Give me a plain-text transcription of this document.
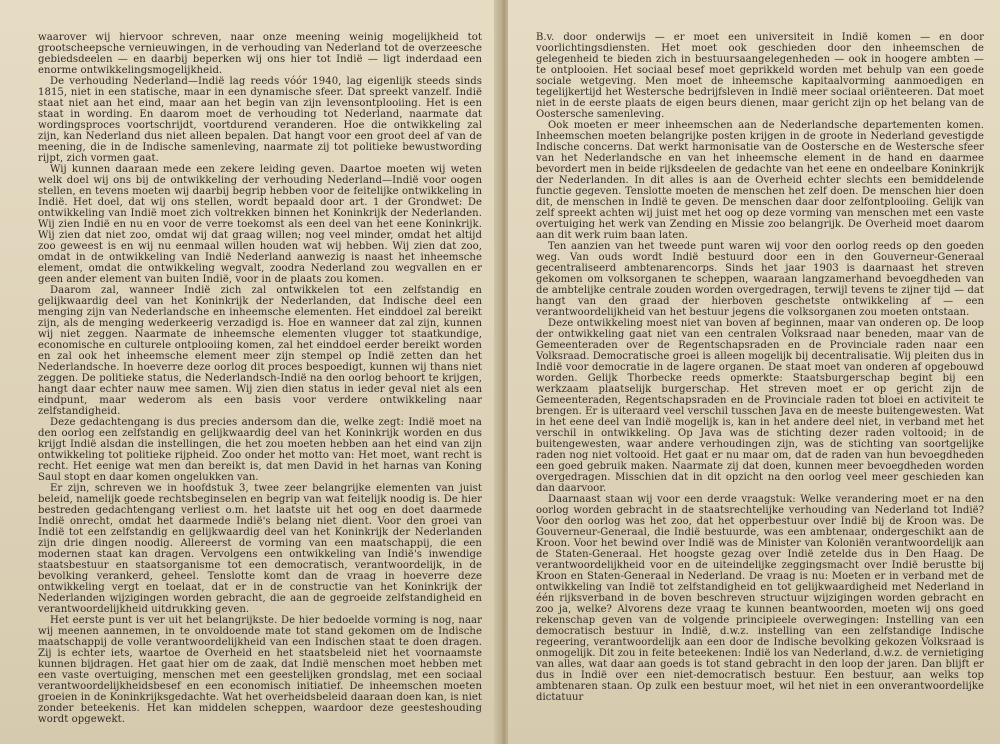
waarover wij hiervoor schreven, naar onze meening weinig mogelijkheid tot grootscheepsche vernieuwingen, in de verhouding van Nederland tot de overzeesche gebiedsdeelen — en daarbij beperken wij ons hier tot Indië — ligt inderdaad een enorme ontwikkelingsmogelijkheid.

De verhouding Nederland—Indië lag reeds vóór 1940, lag eigenlijk steeds sinds 1815, niet in een statische, maar in een dynamische sfeer. Dat spreekt vanzelf. Indië staat niet aan het eind, maar aan het begin van zijn levensontplooiing. Het is een staat in wording. En daarom moet de verhouding tot Nederland, naarmate dat wordingsproces voortschrijdt, voortdurend veranderen. Hoe die ontwikkeling zal zijn, kan Nederland dus niet alleen bepalen. Dat hangt voor een groot deel af van de meening, die in de Indische samenleving, naarmate zij tot politieke bewustwording rijpt, zich vormen gaat.

Wij kunnen daaraan mede een zekere leiding geven. Daartoe moeten wij weten welk doel wij ons bij de ontwikkeling der verhouding Nederland—Indië voor oogen stellen, en tevens moeten wij daarbij begrip hebben voor de feitelijke ontwikkeling in Indië. Het doel, dat wij ons stellen, wordt bepaald door art. 1 der Grondwet: De ontwikkeling van Indië moet zich voltrekken binnen het Koninkrijk der Nederlanden. Wij zien Indië en nu en voor de verre toekomst als een deel van het eene Koninkrijk. Wij zien dat niet zoo, omdat wij dat graag willen; nog veel minder, omdat het altijd zoo geweest is en wij nu eenmaal willen houden wat wij hebben. Wij zien dat zoo, omdat in de ontwikkeling van Indië Nederland aanwezig is naast het inheemsche element, omdat die ontwikkeling wegvalt, zoodra Nederland zou wegvallen en er geen ander element van buiten Indië, voor in de plaats zou komen.

Daarom zal, wanneer Indië zich zal ontwikkelen tot een zelfstandig en gelijkwaardig deel van het Koninkrijk der Nederlanden, dat Indische deel een menging zijn van Nederlandsche en inheemsche elementen. Het einddoel zal bereikt zijn, als de menging wederkeerig verzadigd is. Hoe en wanneer dat zal zijn, kunnen wij niet zeggen. Naarmate de inheemsche elementen vlugger tot staatkundige, economische en culturele ontplooiing komen, zal het einddoel eerder bereikt worden en zal ook het inheemsche element meer zijn stempel op Indië zetten dan het Nederlandsche. In hoeverre deze oorlog dit proces bespoedigt, kunnen wij thans niet zeggen. De politieke status, die Nederlandsch-Indië na den oorlog behoort te krijgen, hangt daar echter nauw mee samen. Wij zien dien status in ieder geval niet als een eindpunt, maar wederom als een basis voor verdere ontwikkeling naar zelfstandigheid.

Deze gedachtengang is dus precies andersom dan die, welke zegt: Indië moet na den oorlog een zelfstandig en gelijkwaardig deel van het Koninkrijk worden en dus krijgt Indië alsdan die instellingen, die het zou moeten hebben aan het eind van zijn ontwikkeling tot politieke rijpheid. Zoo onder het motto van: Het moet, want recht is recht. Het eenige wat men dan bereikt is, dat men David in het harnas van Koning Saul stopt en daar komen ongelukken van.

Er zijn, schreven we in hoofdstuk 3, twee zeer belangrijke elementen van juist beleid, namelijk goede rechtsbeginselen en begrip van wat feitelijk noodig is. De hier bestreden gedachtengang verliest o.m. het laatste uit het oog en doet daarmede Indië onrecht, omdat het daarmede Indië's belang niet dient. Voor den groei van Indië tot een zelfstandig en gelijkwaardig deel van het Koninkrijk der Nederlanden zijn drie dingen noodig. Allereerst de vorming van een maatschappij, die een modernen staat kan dragen. Vervolgens een ontwikkeling van Indië's inwendige staatsbestuur en staatsorganisme tot een democratisch, verantwoordelijk, in de bevolking verankerd, geheel. Tenslotte komt dan de vraag in hoeverre deze ontwikkeling vergt en toelaat, dat er in de constructie van het Koninkrijk der Nederlanden wijzigingen worden gebracht, die aan de gegroeide zelfstandigheid en verantwoordelijkheid uitdrukking geven.

Het eerste punt is ver uit het belangrijkste. De hier bedoelde vorming is nog, naar wij meenen aannemen, in te onvoldoende mate tot stand gekomen om de Indische maatschappij de volle verantwoordelijkheid van een Indischen staat te doen dragen. Zij is echter iets, waartoe de Overheid en het staatsbeleid niet het voornaamste kunnen bijdragen. Het gaat hier om de zaak, dat Indië menschen moet hebben met een vaste overtuiging, menschen met een geestelijken grondslag, met een sociaal verantwoordelijkheidsbesef en een economisch initiatief. De inheemschen moeten groeien in de Koninkrijksgedachte. Wat het overheidsbeleid daaraan doen kan, is niet zonder beteekenis. Het kan middelen scheppen, waardoor deze geesteshouding wordt opgewekt.

B.v. door onderwijs — er moet een universiteit in Indië komen — en door voorlichtingsdiensten. Het moet ook geschieden door den inheemschen de gelegenheid te bieden zich in bestuursaangelegenheden — ook in hoogere ambten — te ontplooien. Het sociaal besef moet geprikkeld worden met behulp van een goede sociale wetgeving. Men moet de inheemsche kapitaalvorming aanmoedigen en tegelijkertijd het Westersche bedrijfsleven in Indië meer sociaal oriënteeren. Dat moet niet in de eerste plaats de eigen beurs dienen, maar gericht zijn op het belang van de Oostersche samenleving.

Ook moeten er meer inheemschen aan de Nederlandsche departementen komen. Inheemschen moeten belangrijke posten krijgen in de groote in Nederland gevestigde Indische concerns. Dat werkt harmonisatie van de Oostersche en de Westersche sfeer van het Nederlandsche en van het inheemsche element in de hand en daarmee bevordert men in beide rijksdeelen de gedachte van het eene en ondeelbare Koninkrijk der Nederlanden. In dit alles is aan de Overheid echter slechts een bemiddelende functie gegeven. Tenslotte moeten de menschen het zelf doen. De menschen hier doen dit, de menschen in Indië te geven. De menschen daar door zelfontplooiing. Gelijk van zelf spreekt achten wij juist met het oog op deze vorming van menschen met een vaste overtuiging het werk van Zending en Missie zoo belangrijk. De Overheid moet daarom aan dit werk ruim baan laten.

Ten aanzien van het tweede punt waren wij voor den oorlog reeds op den goeden weg. Van ouds wordt Indië bestuurd door een in den Gouverneur-Generaal gecentraliseerd ambtenarencorps. Sinds het jaar 1903 is daarnaast het streven gekomen om volksorganen te scheppen, waaraan langzamerhand bevoegdheden van de ambtelijke centrale zouden worden overgedragen, terwijl tevens te zijner tijd — dat hangt van den graad der hierboven geschetste ontwikkeling af — een verantwoordelijkheid van het bestuur jegens die volksorganen zou moeten ontstaan.

Deze ontwikkeling moest niet van boven af beginnen, maar van onderen op. De loop der ontwikkeling gaat niet van een centralen Volksraad naar beneden, maar van de Gemeenteraden over de Regentschapsraden en de Provinciale raden naar een Volksraad. Democratische groei is alleen mogelijk bij decentralisatie. Wij pleiten dus in Indië voor democratie in de lagere organen. De staat moet van onderen af opgebouwd worden. Gelijk Thorbecke reeds opmerkte: Staatsburgerschap begint bij een werkzaam plaatselijk burgerschap. Het streven moet er op gericht zijn de Gemeenteraden, Regentschapsraden en de Provinciale raden tot bloei en activiteit te brengen. Er is uiteraard veel verschil tusschen Java en de meeste buitengewesten. Wat in het eene deel van Indië mogelijk is, kan in het andere deel niet, in verband met het verschil in ontwikkeling. Op Java was de stichting dezer raden voltooid; in de buitengewesten, waar andere verhoudingen zijn, was de stichting van soortgelijke raden nog niet voltooid. Het gaat er nu maar om, dat de raden van hun bevoegdheden een goed gebruik maken. Naarmate zij dat doen, kunnen meer bevoegdheden worden overgedragen. Misschien dat in dit opzicht na den oorlog veel meer geschieden kan dan daarvoor.

Daarnaast staan wij voor een derde vraagstuk: Welke verandering moet er na den oorlog worden gebracht in de staatsrechtelijke verhouding van Nederland tot Indië? Voor den oorlog was het zoo, dat het opperbestuur over Indië bij de Kroon was. De Gouverneur-Generaal, die Indië bestuurde, was een ambtenaar, ondergeschikt aan de Kroon. Voor het bewind over Indië was de Minister van Koloniën verantwoordelijk aan de Staten-Generaal. Het hoogste gezag over Indië zetelde dus in Den Haag. De verantwoordelijkheid voor en de uiteindelijke zeggingsmacht over Indië berustte bij Kroon en Staten-Generaal in Nederland. De vraag is nu: Moeten er in verband met de ontwikkeling van Indië tot zelfstandigheid en tot gelijkwaardigheid met Nederland in één rijksverband in de boven beschreven structuur wijzigingen worden gebracht en zoo ja, welke? Alvorens deze vraag te kunnen beantwoorden, moeten wij ons goed rekenschap geven van de volgende principieele overwegingen: Instelling van een democratisch bestuur in Indië, d.w.z. instelling van een zelfstandige Indische regeering, verantwoordelijk aan een door de Indische bevolking gekozen Volksraad is onmogelijk. Dit zou in feite beteekenen: Indië los van Nederland, d.w.z. de vernietiging van alles, wat daar aan goeds is tot stand gebracht in den loop der jaren. Dan blijft er dus in Indië over een niet-democratisch bestuur. Een bestuur, aan welks top ambtenaren staan. Op zulk een bestuur moet, wil het niet in een onverantwoordelijke dictatuur
